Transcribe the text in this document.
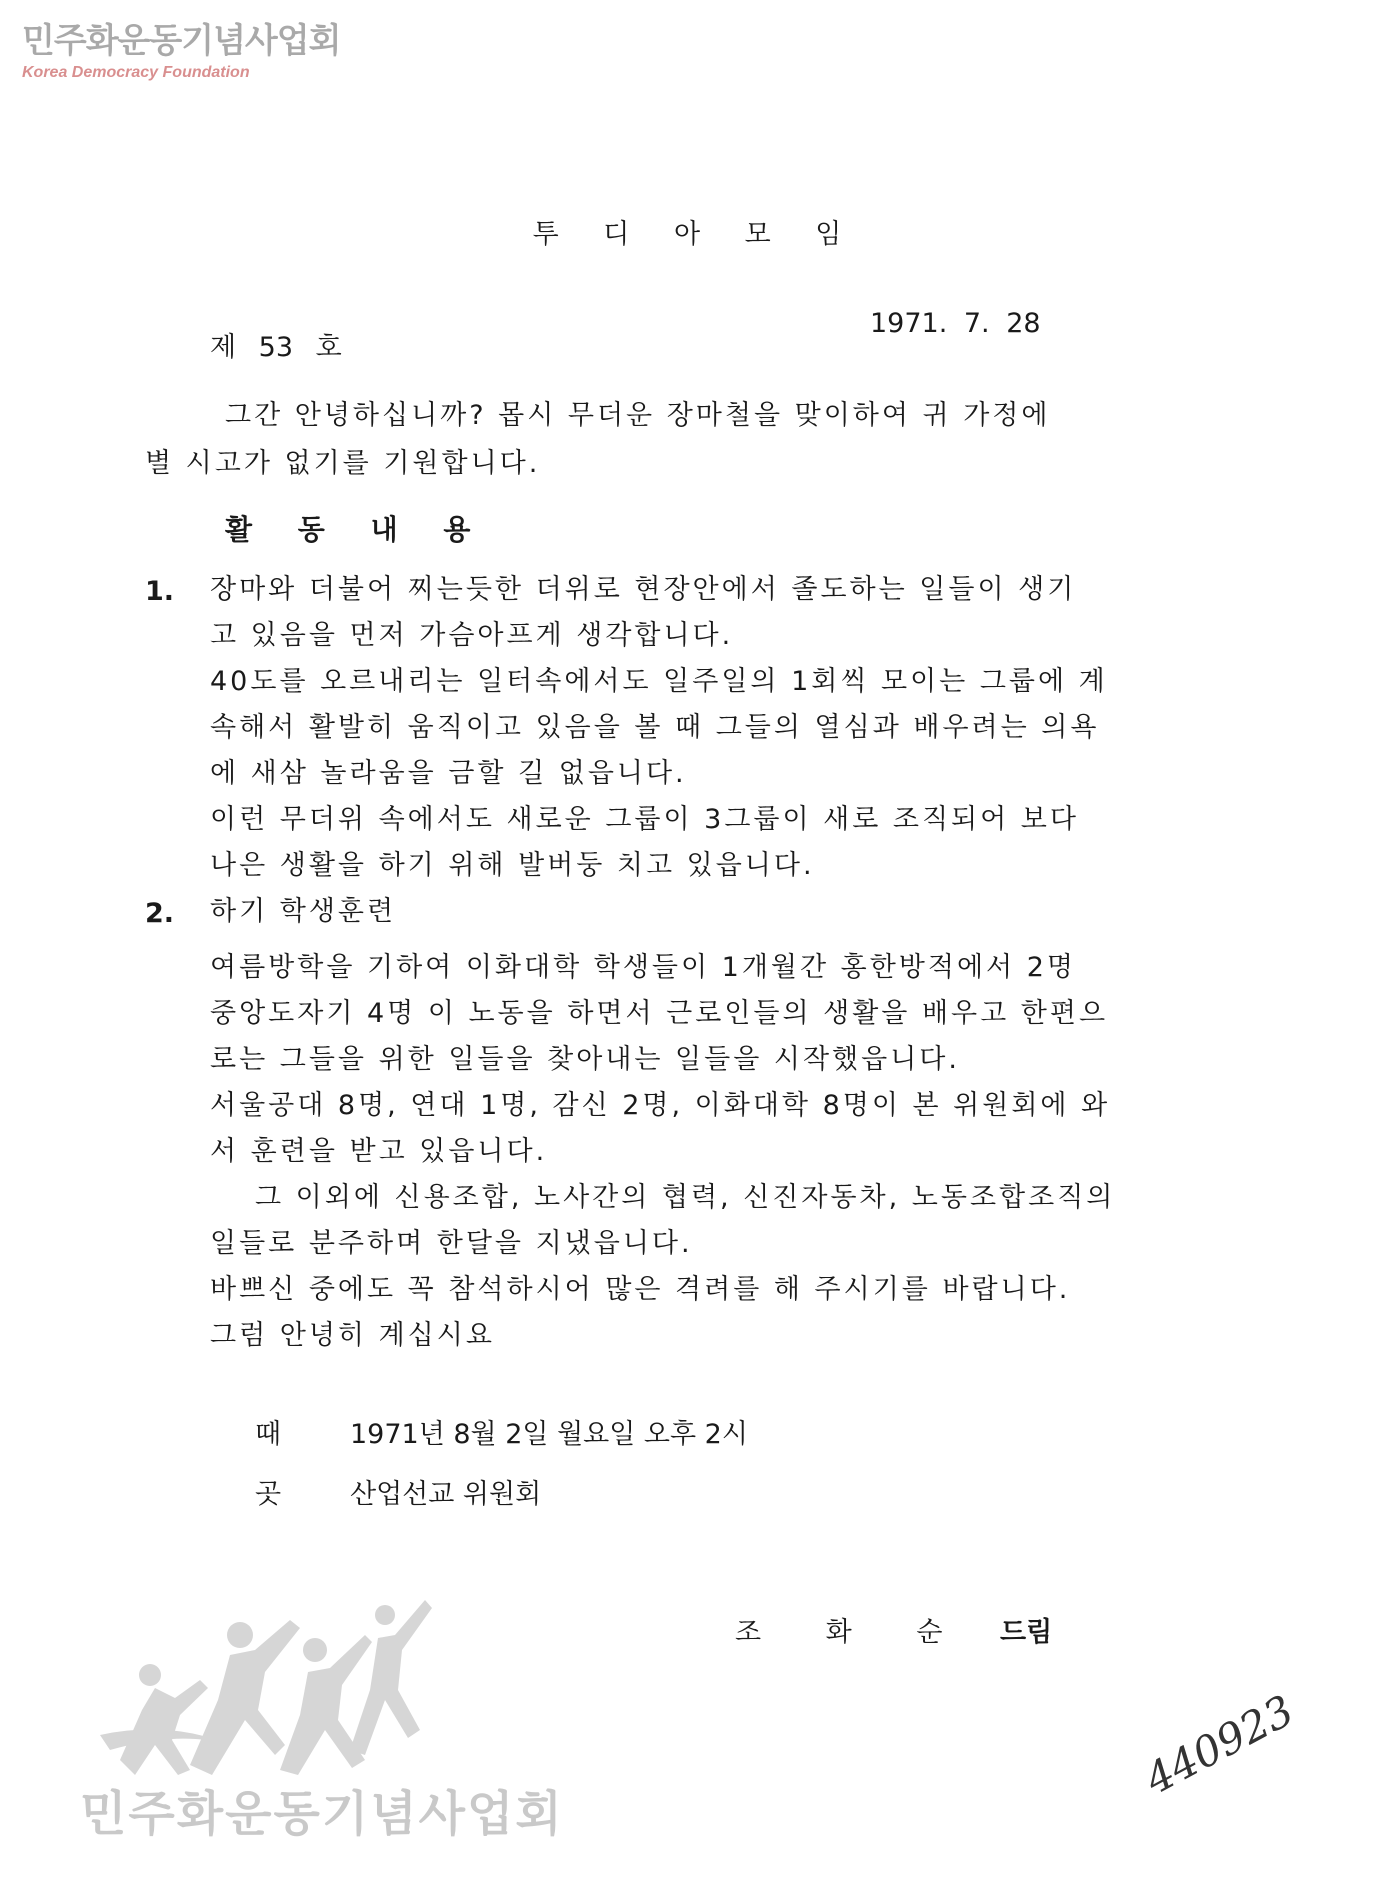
민주화운동기념사업회
Korea Democracy Foundation
투 디 아 모 임
제 53 호
1971. 7. 28
그간 안녕하십니까? 몹시 무더운 장마철을 맞이하여 귀 가정에
별 시고가 없기를 기원합니다.
활 동 내 용
1. 장마와 더불어 찌는듯한 더위로 현장안에서 졸도하는 일들이 생기
고 있음을 먼저 가슴아프게 생각합니다.
40도를 오르내리는 일터속에서도 일주일의 1회씩 모이는 그룹에 계
속해서 활발히 움직이고 있음을 볼 때 그들의 열심과 배우려는 의욕
에 새삼 놀라움을 금할 길 없읍니다.
이런 무더위 속에서도 새로운 그룹이 3그룹이 새로 조직되어 보다
나은 생활을 하기 위해 발버둥 치고 있읍니다.
2. 하기 학생훈련
여름방학을 기하여 이화대학 학생들이 1개월간 홍한방적에서 2명
중앙도자기 4명 이 노동을 하면서 근로인들의 생활을 배우고 한편으
로는 그들을 위한 일들을 찾아내는 일들을 시작했읍니다.
서울공대 8명, 연대 1명, 감신 2명, 이화대학 8명이 본 위원회에 와
서 훈련을 받고 있읍니다.
그 이외에 신용조합, 노사간의 협력, 신진자동차, 노동조합조직의
일들로 분주하며 한달을 지냈읍니다.
바쁘신 중에도 꼭 참석하시어 많은 격려를 해 주시기를 바랍니다.
그럼 안녕히 계십시요
때	1971년 8월 2일 월요일 오후 2시
곳	산업선교 위원회
조 화 순 드림
민주화운동기념사업회
440923
